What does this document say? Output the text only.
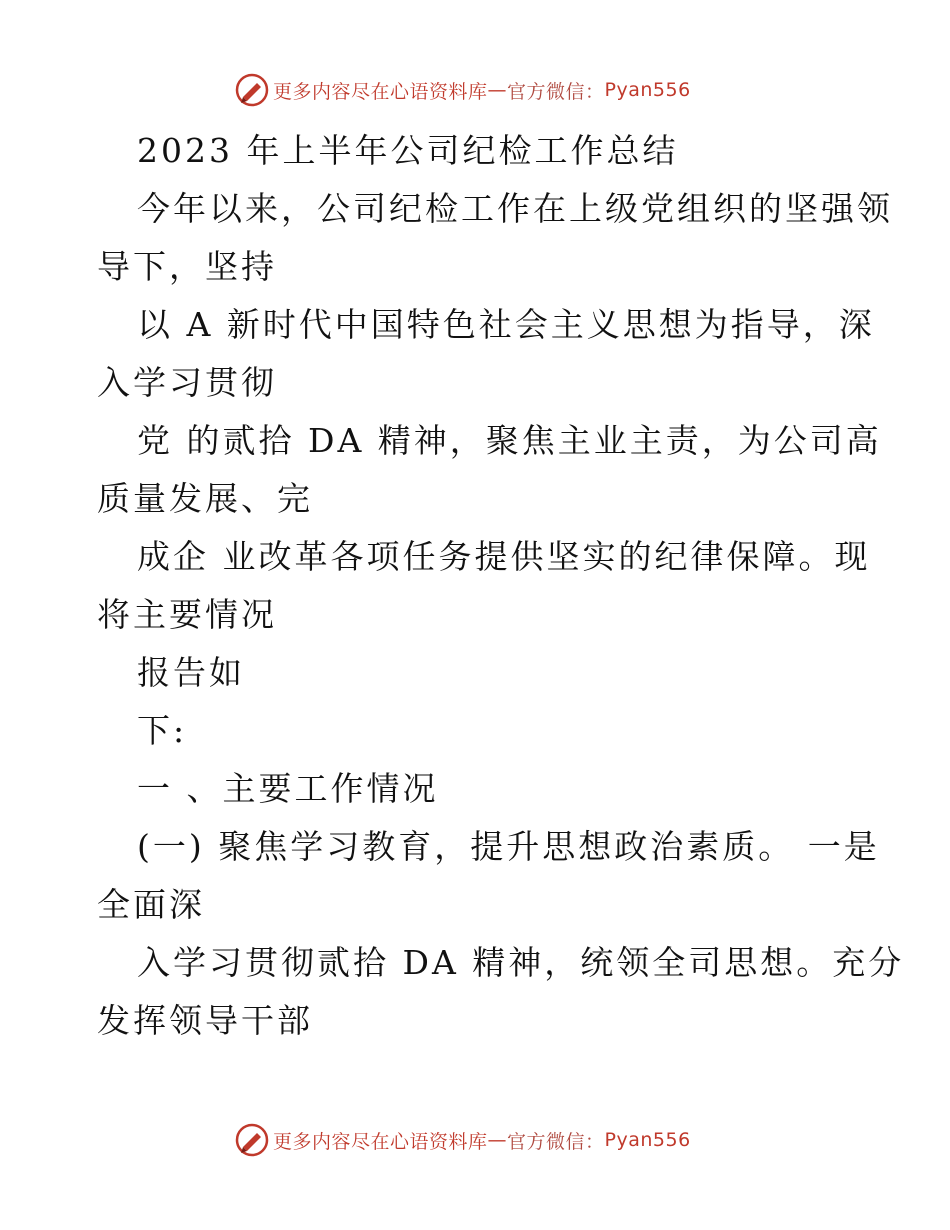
更多内容尽在心语资料库 — 官方微信： Pyan556
2023 年上半年公司纪检工作总结
今年以来，公司纪检工作在上级党组织的坚强领
导下，坚持
以 A 新时代中国特色社会主义思想为指导，深
入学习贯彻
党 的贰拾 DA 精神，聚焦主业主责，为公司高
质量发展、完
成企 业改革各项任务提供坚实的纪律保障。现
将主要情况
报告如
下:
一 、主要工作情况
(一) 聚焦学习教育，提升思想政治素质。 一是
全面深
入学习贯彻贰拾 DA 精神，统领全司思想。充分
发挥领导干部
更多内容尽在心语资料库 — 官方微信： Pyan556
